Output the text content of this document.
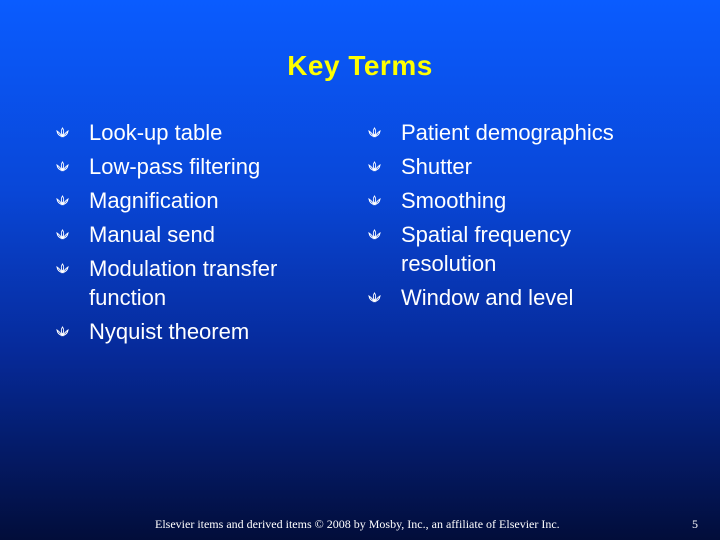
Key Terms
Look-up table
Low-pass filtering
Magnification
Manual send
Modulation transfer function
Nyquist theorem
Patient demographics
Shutter
Smoothing
Spatial frequency resolution
Window and level
Elsevier items and derived items © 2008 by Mosby, Inc., an affiliate of Elsevier Inc.	5
